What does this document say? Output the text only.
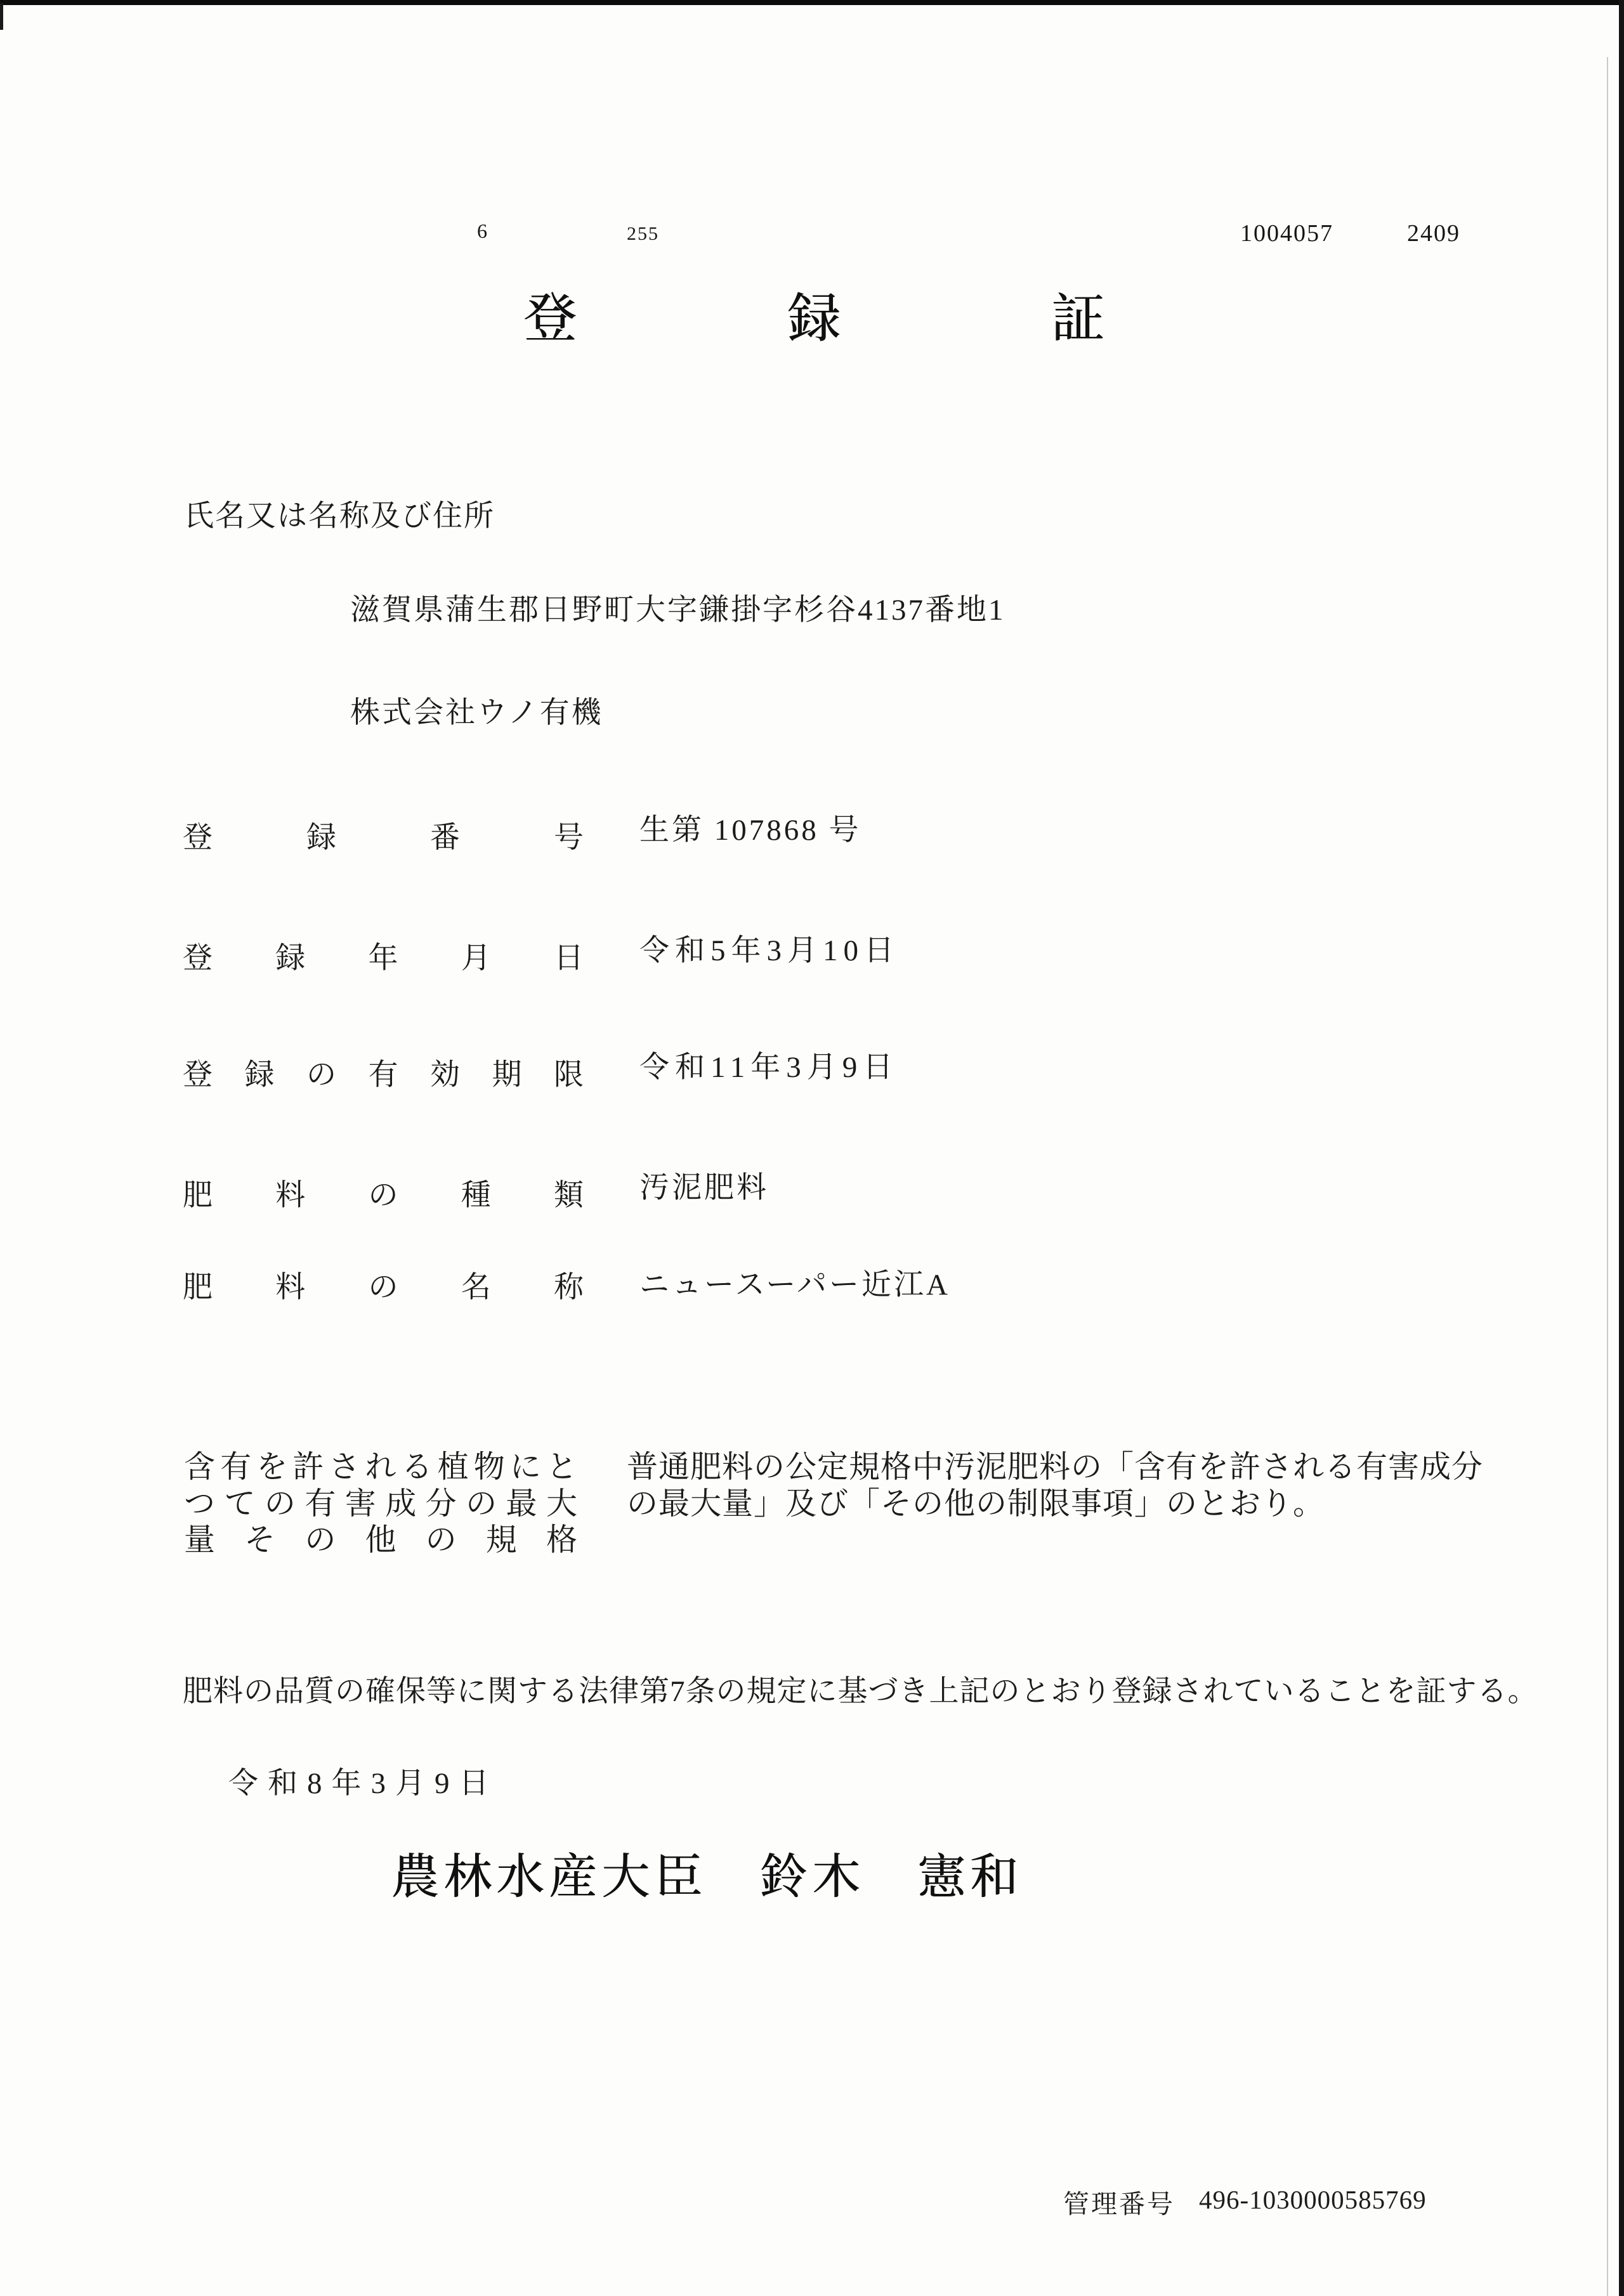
6	255	1004057	2409
登録証
氏名又は名称及び住所
滋賀県蒲生郡日野町大字鎌掛字杉谷4137番地1
株式会社ウノ有機
登	録	番	号 生第 107868 号
登 録 年 月 日 令和5年3月10日
登 録 の 有 効 期 限 令和11年3月9日
肥 料 の 種 類 汚泥肥料
肥 料 の 名 称 ニュースーパー近江A
含 有 を 許 さ れ る 植 物 に と
つ て の 有 害 成 分 の 最 大
量 そ の 他 の 規 格
普通肥料の公定規格中汚泥肥料の「含有を許される有害成分
の最大量」及び「その他の制限事項」のとおり。
肥料の品質の確保等に関する法律第7条の規定に基づき上記のとおり登録されていることを証する。
令和8年3月9日
農林水産大臣　鈴木　憲和
管理番号 496-1030000585769
